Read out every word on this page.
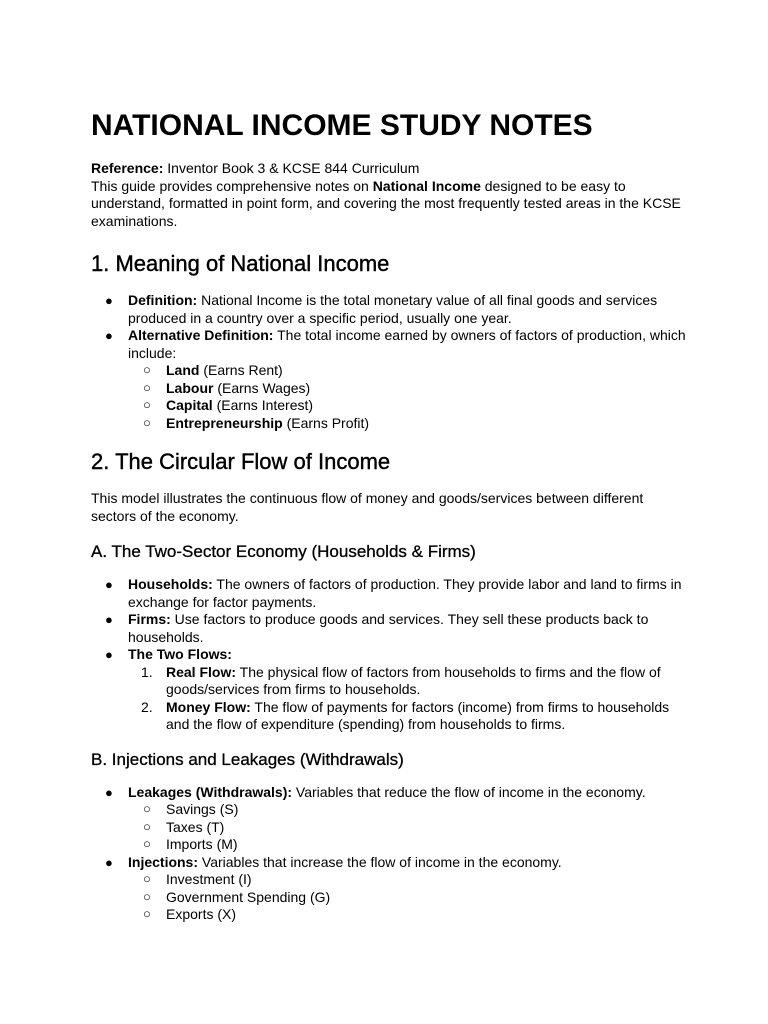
NATIONAL INCOME STUDY NOTES

Reference: Inventor Book 3 & KCSE 844 Curriculum

This guide provides comprehensive notes on National Income designed to be easy to understand, formatted in point form, and covering the most frequently tested areas in the KCSE examinations.

1. Meaning of National Income
● Definition: National Income is the total monetary value of all final goods and services produced in a country over a specific period, usually one year.
● Alternative Definition: The total income earned by owners of factors of production, which include:
○ Land (Earns Rent)
○ Labour (Earns Wages)
○ Capital (Earns Interest)
○ Entrepreneurship (Earns Profit)
2. The Circular Flow of Income

This model illustrates the continuous flow of money and goods/services between different sectors of the economy.

A. The Two-Sector Economy (Households & Firms)
● Households: The owners of factors of production. They provide labor and land to firms in exchange for factor payments.
● Firms: Use factors to produce goods and services. They sell these products back to households.
● The Two Flows:
1. Real Flow: The physical flow of factors from households to firms and the flow of goods/services from firms to households.
2. Money Flow: The flow of payments for factors (income) from firms to households and the flow of expenditure (spending) from households to firms.
B. Injections and Leakages (Withdrawals)
● Leakages (Withdrawals): Variables that reduce the flow of income in the economy.
○ Savings (S)
○ Taxes (T)
○ Imports (M)
● Injections: Variables that increase the flow of income in the economy.
○ Investment (I)
○ Government Spending (G)
○ Exports (X)
